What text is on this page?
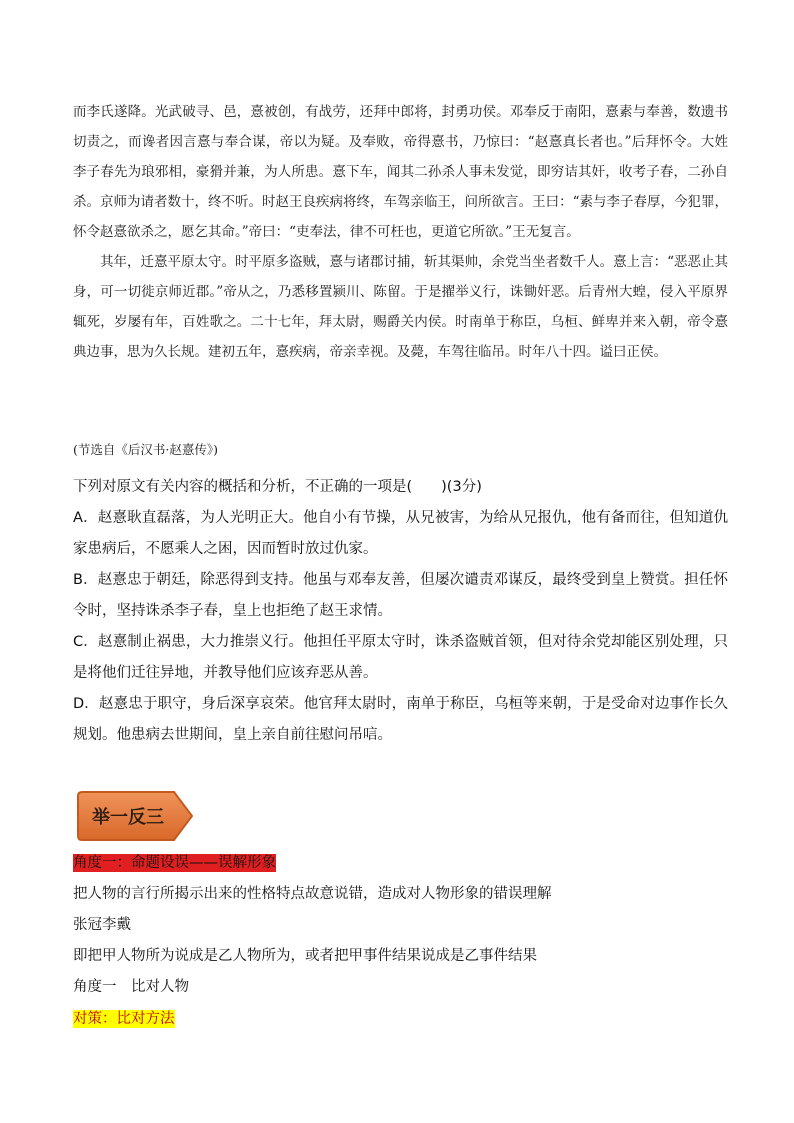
而李氏遂降。光武破寻、邑，憙被创，有战劳，还拜中郎将，封勇功侯。邓奉反于南阳，憙素与奉善，数遗书切责之，而谗者因言憙与奉合谋，帝以为疑。及奉败，帝得憙书，乃惊曰：“赵憙真长者也。”后拜怀令。大姓李子春先为琅邪相，豪猾并兼，为人所患。憙下车，闻其二孙杀人事未发觉，即穷诘其奸，收考子春，二孙自杀。京师为请者数十，终不听。时赵王良疾病将终，车驾亲临王，问所欲言。王曰：“素与李子春厚，今犯罪，怀令赵憙欲杀之，愿乞其命。”帝曰：“吏奉法，律不可枉也，更道它所欲。”王无复言。

其年，迁憙平原太守。时平原多盗贼，憙与诸郡讨捕，斩其渠帅，余党当坐者数千人。憙上言：“恶恶止其身，可一切徙京师近郡。”帝从之，乃悉移置颍川、陈留。于是擢举义行，诛锄奸恶。后青州大蝗，侵入平原界辄死，岁屡有年，百姓歌之。二十七年，拜太尉，赐爵关内侯。时南单于称臣，乌桓、鲜卑并来入朝，帝令憙典边事，思为久长规。建初五年，憙疾病，帝亲幸视。及薨，车驾往临吊。时年八十四。谥曰正侯。

(节选自《后汉书·赵憙传》)

下列对原文有关内容的概括和分析，不正确的一项是(　　)(3分)

A．赵憙耿直磊落，为人光明正大。他自小有节操，从兄被害，为给从兄报仇，他有备而往，但知道仇家患病后，不愿乘人之困，因而暂时放过仇家。

B．赵憙忠于朝廷，除恶得到支持。他虽与邓奉友善，但屡次谴责邓谋反，最终受到皇上赞赏。担任怀令时，坚持诛杀李子春，皇上也拒绝了赵王求情。

C．赵憙制止祸患，大力推崇义行。他担任平原太守时，诛杀盗贼首领，但对待余党却能区别处理，只是将他们迁往异地，并教导他们应该弃恶从善。

D．赵憙忠于职守，身后深享哀荣。他官拜太尉时，南单于称臣，乌桓等来朝，于是受命对边事作长久规划。他患病去世期间，皇上亲自前往慰问吊唁。

举一反三
角度一：命题设误——误解形象
把人物的言行所揭示出来的性格特点故意说错，造成对人物形象的错误理解
张冠李戴
即把甲人物所为说成是乙人物所为，或者把甲事件结果说成是乙事件结果
角度一　比对人物
对策：比对方法
